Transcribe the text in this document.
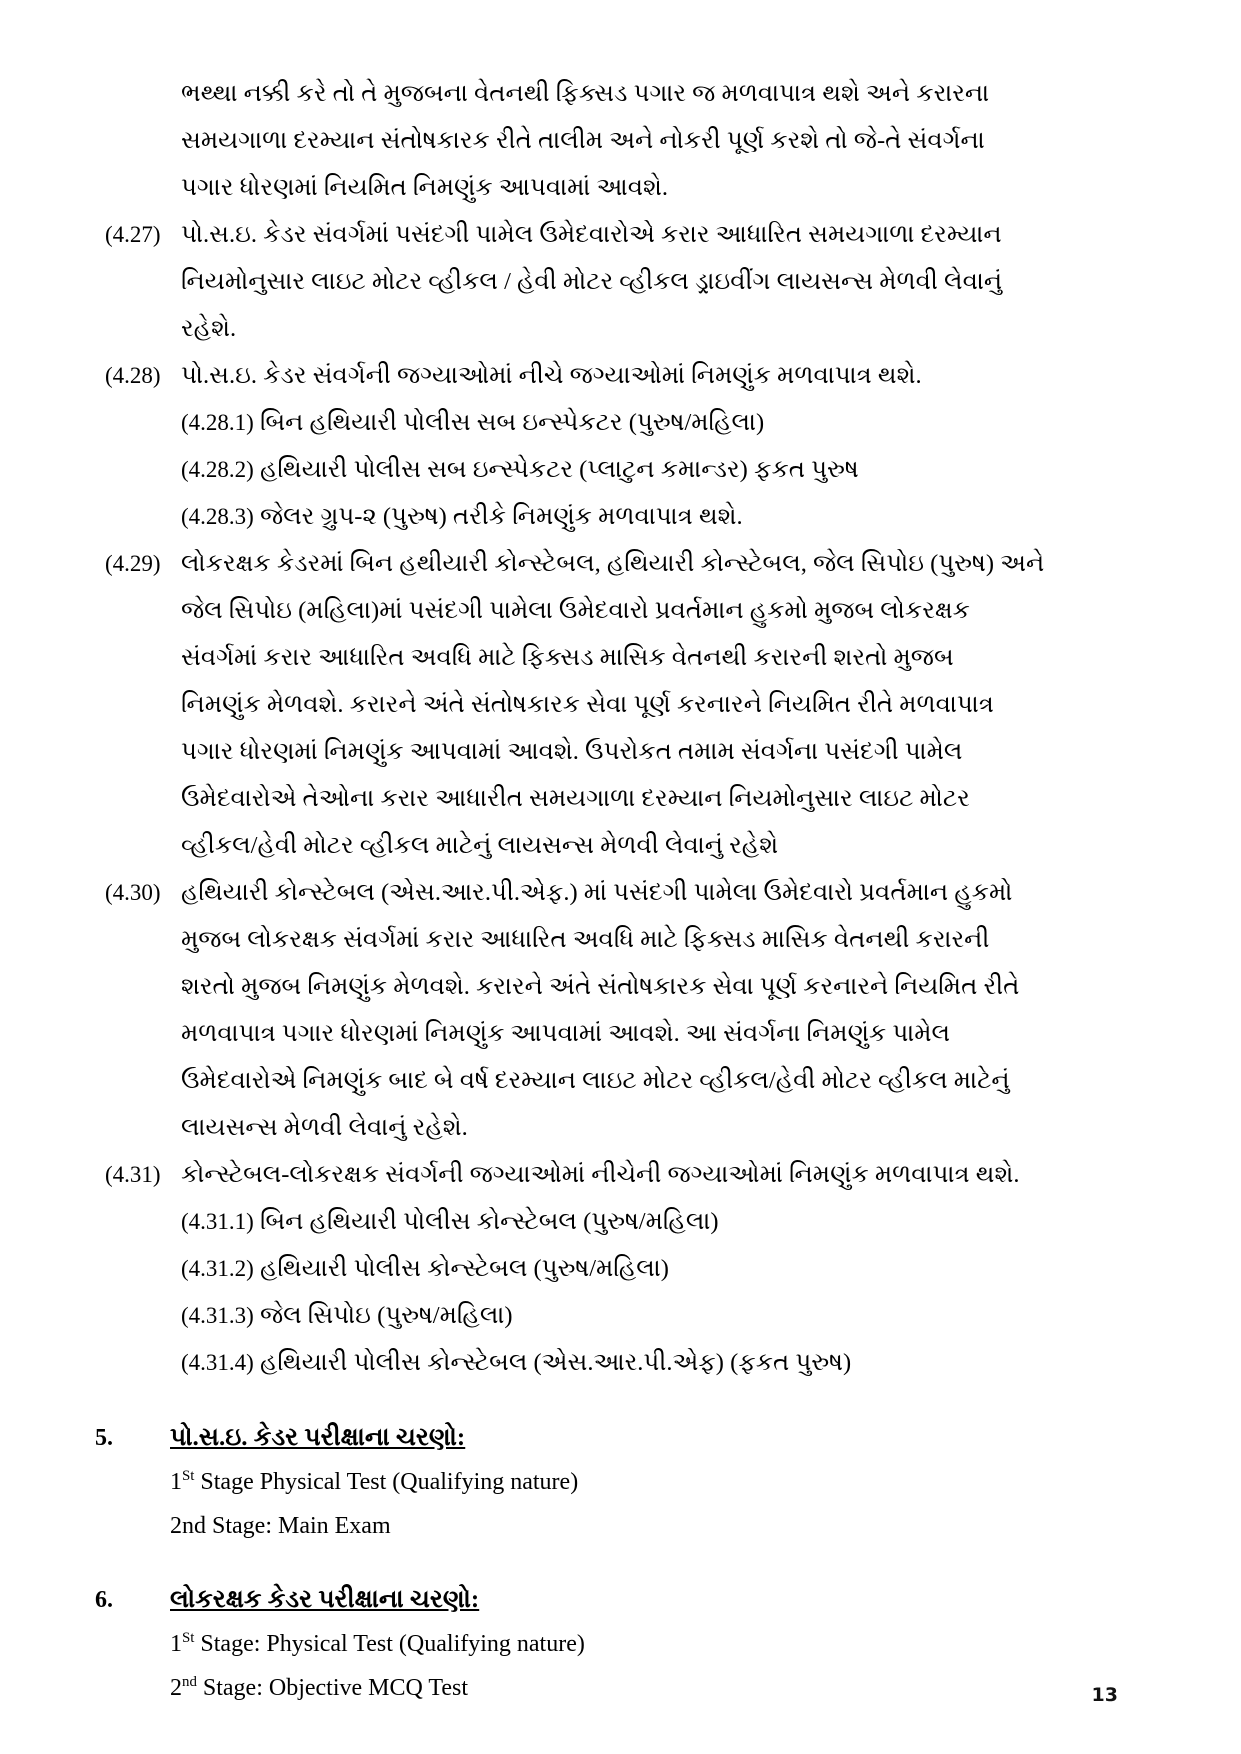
ભથ્થા નક્કી કરે તો તે મુજબના વેતનથી ફિક્સડ પગાર જ મળવાપાત્ર થશે અને કરારના
સમયગાળા દરમ્યાન સંતોષકારક રીતે તાલીમ અને નોકરી પૂર્ણ કરશે તો જે-તે સંવર્ગના
પગાર ધોરણમાં નિયમિત નિમણુંક આપવામાં આવશે.
(4.27) પો.સ.ઇ. કેડર સંવર્ગમાં પસંદગી પામેલ ઉમેદવારોએ કરાર આધારિત સમયગાળા દરમ્યાન
નિયમોનુસાર લાઇટ મોટર વ્હીકલ / હેવી મોટર વ્હીકલ ડ્રાઇવીંગ લાયસન્સ મેળવી લેવાનું
રહેશે.
(4.28) પો.સ.ઇ. કેડર સંવર્ગની જગ્યાઓમાં નીચે જગ્યાઓમાં નિમણુંક મળવાપાત્ર થશે.
(4.28.1) બિન હથિયારી પોલીસ સબ ઇન્સ્પેકટર (પુરુષ/મહિલા)
(4.28.2) હથિયારી પોલીસ સબ ઇન્સ્પેકટર (પ્લાટુન કમાન્ડર) ફકત પુરુષ
(4.28.3) જેલર ગ્રુપ-૨ (પુરુષ) તરીકે નિમણુંક મળવાપાત્ર થશે.
(4.29) લોકરક્ષક કેડરમાં બિન હથીયારી કોન્સ્ટેબલ, હથિયારી કોન્સ્ટેબલ, જેલ સિપોઇ (પુરુષ) અને
જેલ સિપોઇ (મહિલા)માં પસંદગી પામેલા ઉમેદવારો પ્રવર્તમાન હુકમો મુજબ લોકરક્ષક
સંવર્ગમાં કરાર આધારિત અવધિ માટે ફિક્સડ માસિક વેતનથી કરારની શરતો મુજબ
નિમણુંક મેળવશે. કરારને અંતે સંતોષકારક સેવા પૂર્ણ કરનારને નિયમિત રીતે મળવાપાત્ર
પગાર ધોરણમાં નિમણુંક આપવામાં આવશે. ઉપરોકત તમામ સંવર્ગના પસંદગી પામેલ
ઉમેદવારોએ તેઓના કરાર આધારીત સમયગાળા દરમ્યાન નિયમોનુસાર લાઇટ મોટર
વ્હીકલ/હેવી મોટર વ્હીકલ માટેનું લાયસન્સ મેળવી લેવાનું રહેશે
(4.30) હથિયારી કોન્સ્ટેબલ (એસ.આર.પી.એફ.) માં પસંદગી પામેલા ઉમેદવારો પ્રવર્તમાન હુકમો
મુજબ લોકરક્ષક સંવર્ગમાં કરાર આધારિત અવધિ માટે ફિક્સડ માસિક વેતનથી કરારની
શરતો મુજબ નિમણુંક મેળવશે. કરારને અંતે સંતોષકારક સેવા પૂર્ણ કરનારને નિયમિત રીતે
મળવાપાત્ર પગાર ધોરણમાં નિમણુંક આપવામાં આવશે. આ સંવર્ગના નિમણુંક પામેલ
ઉમેદવારોએ નિમણુંક બાદ બે વર્ષ દરમ્યાન લાઇટ મોટર વ્હીકલ/હેવી મોટર વ્હીકલ માટેનું
લાયસન્સ મેળવી લેવાનું રહેશે.
(4.31) કોન્સ્ટેબલ-લોકરક્ષક સંવર્ગની જગ્યાઓમાં નીચેની જગ્યાઓમાં નિમણુંક મળવાપાત્ર થશે.
(4.31.1) બિન હથિયારી પોલીસ કોન્સ્ટેબલ (પુરુષ/મહિલા)
(4.31.2) હથિયારી પોલીસ કોન્સ્ટેબલ (પુરુષ/મહિલા)
(4.31.3) જેલ સિપોઇ (પુરુષ/મહિલા)
(4.31.4) હથિયારી પોલીસ કોન્સ્ટેબલ (એસ.આર.પી.એફ) (ફકત પુરુષ)
5.	પો.સ.ઇ. કેડર પરીક્ષાના ચરણો:
1St Stage Physical Test (Qualifying nature)
2nd Stage: Main Exam
6.	લોકરક્ષક કેડર પરીક્ષાના ચરણો:
1St Stage: Physical Test (Qualifying nature)
2nd Stage: Objective MCQ Test	13
